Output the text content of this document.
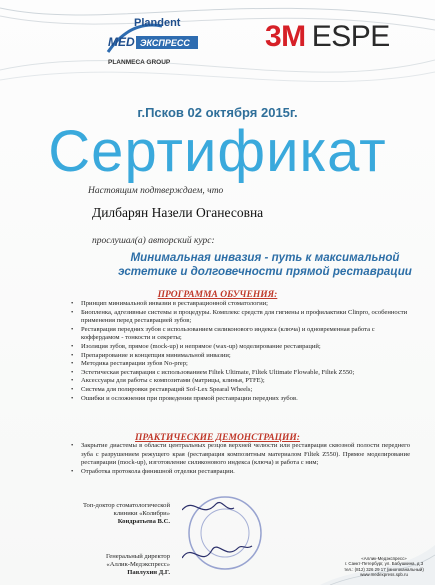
Plandent
MED ЭКСПРЕСС
PLANMECA GROUP
3M ESPE
г.Псков 02 октября 2015г.
Сертификат
Настоящим подтверждаем, что
Дилбарян Назели Оганесовна
прослушал(а) авторский курс:
Минимальная инвазия - путь к максимальной
эстетике и долговечности прямой реставрации
ПРОГРАММА ОБУЧЕНИЯ:
• Принцип минимальной инвазии в реставрационной стоматологии;
• Биопленка, адгезивные системы и процедуры. Комплекс средств для гигиены и профилактики Clinpro, особенности применения перед реставрацией зубов;
• Реставрация передних зубов с использованием силиконового индекса (ключа) и одновременная работа с коффердамом - тонкости и секреты;
• Изоляция зубов, прямое (mock-up) и непрямое (wax-up) моделирование реставраций;
• Препарирование и концепция минимальной инвазии;
• Методика реставрации зубов No-prep;
• Эстетическая реставрация с использованием Filtek Ultimate, Filtek Ultimate Flowable, Filtek Z550;
• Аксессуары для работы с композитами (матрицы, клинья, PTFE);
• Система для полировки реставраций Sof-Lex Spearal Wheels;
• Ошибки и осложнения при проведении прямой реставрации передних зубов.
ПРАКТИЧЕСКИЕ ДЕМОНСТРАЦИИ:
• Закрытие диастемы в области центральных резцов верхней челюсти или реставрация сквозной полости переднего зуба с разрушением режущего края (реставрация композитным материалом Filtek Z550). Прямое моделирование реставрации (mock-up), изготовление силиконового индекса (ключа) и работа с ним;
• Отработка протокола финишной отделки реставрации.
Топ-доктор стоматологической
клиники «Колибри»
Кондратьева В.С.
Генеральный директор
«Аллик-Медэкспресс»
Павлухин Д.Г.
«Аллик-Медэкспресс»
г. Санкт-Петербург, ул. Бабушкина, д.3
тел.: (812) 326 29 17 (многоканальный)
www.medexpress.spb.ru
